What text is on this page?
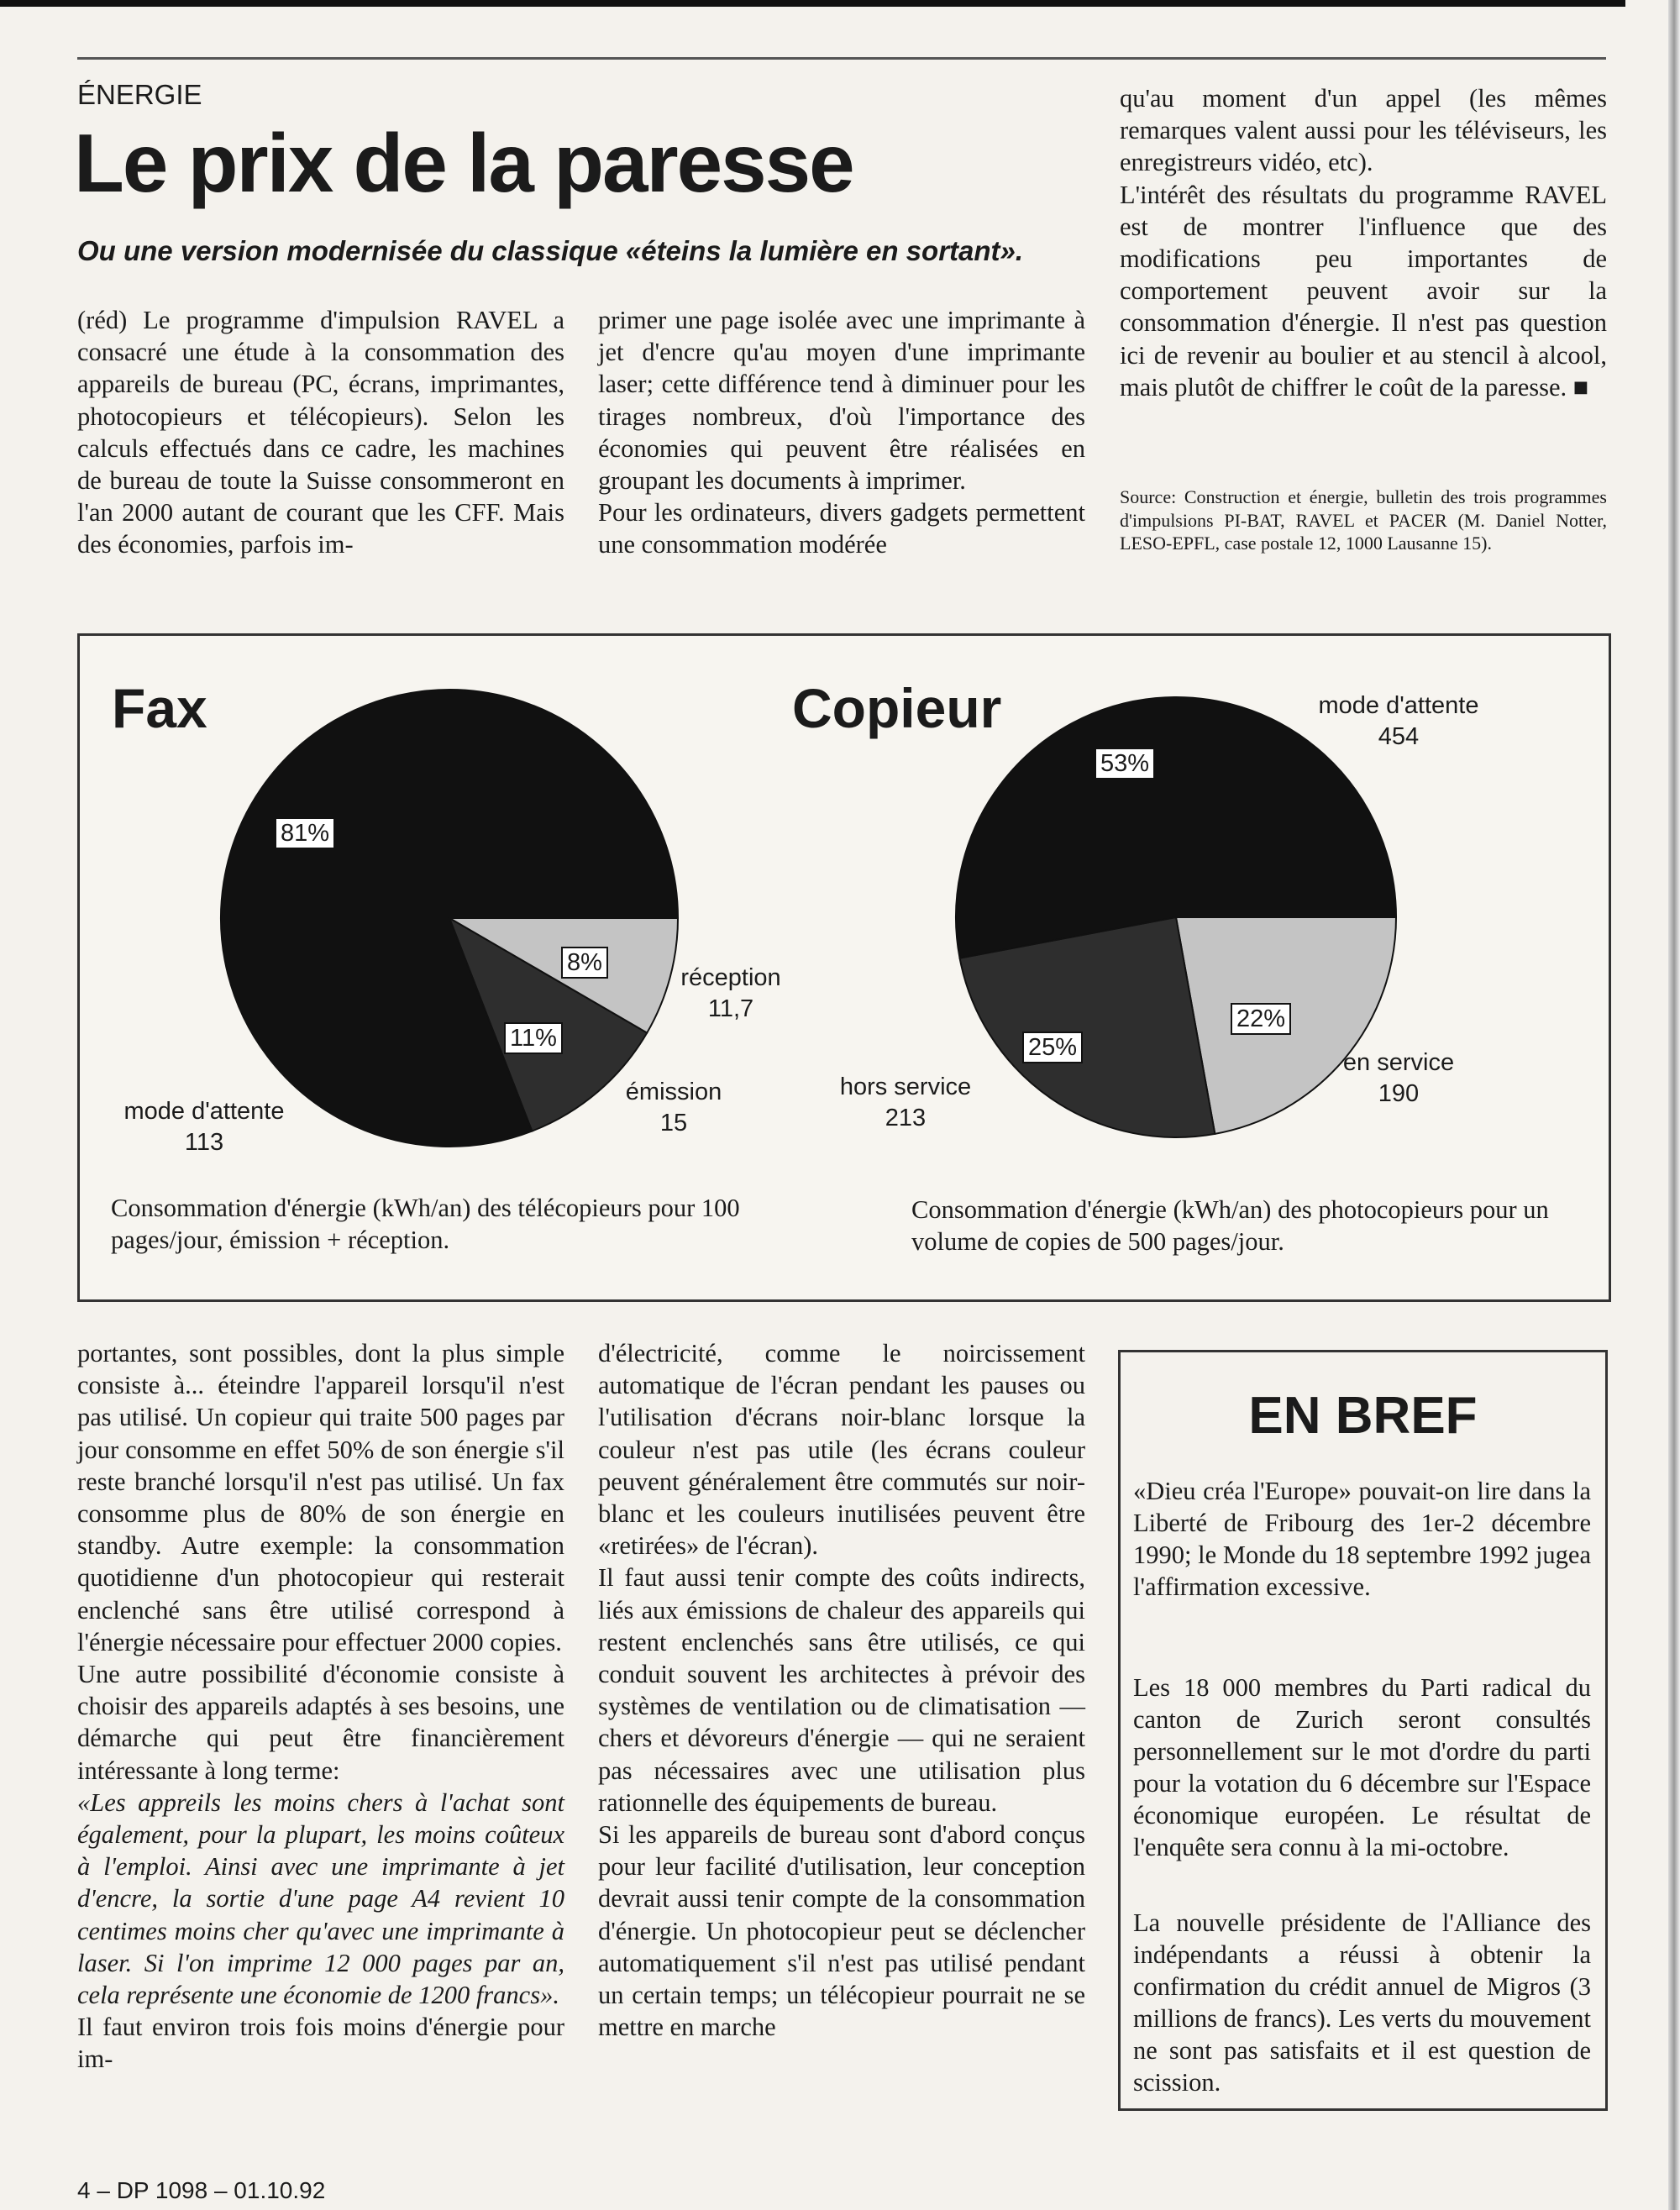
ÉNERGIE
Le prix de la paresse
Ou une version modernisée du classique «éteins la lumière en sortant».

(réd) Le programme d'impulsion RAVEL a consacré une étude à la consommation des appareils de bureau (PC, écrans, imprimantes, photocopieurs et télécopieurs). Selon les calculs effectués dans ce cadre, les machines de bureau de toute la Suisse consommeront en l'an 2000 autant de courant que les CFF. Mais des économies, parfois im-

primer une page isolée avec une imprimante à jet d'encre qu'au moyen d'une imprimante laser; cette différence tend à diminuer pour les tirages nombreux, d'où l'importance des économies qui peuvent être réalisées en groupant les documents à imprimer.

Pour les ordinateurs, divers gadgets permettent une consommation modérée

qu'au moment d'un appel (les mêmes remarques valent aussi pour les téléviseurs, les enregistreurs vidéo, etc).

L'intérêt des résultats du programme RAVEL est de montrer l'influence que des modifications peu importantes de comportement peuvent avoir sur la consommation d'énergie. Il n'est pas question ici de revenir au boulier et au stencil à alcool, mais plutôt de chiffrer le coût de la paresse. ■

Source: Construction et énergie, bulletin des trois programmes d'impulsions PI-BAT, RAVEL et PACER (M. Daniel Notter, LESO-EPFL, case postale 12, 1000 Lausanne 15).
Fax	Copieur
81%
11%
8%
mode d'attente
113
émission
15
réception
11,7
53%
22%
25%
mode d'attente
454
en service
190
hors service
213
Consommation d'énergie (kWh/an) des télécopieurs pour 100 pages/jour, émission + réception.
Consommation d'énergie (kWh/an) des photocopieurs pour un volume de copies de 500 pages/jour.

portantes, sont possibles, dont la plus simple consiste à... éteindre l'appareil lorsqu'il n'est pas utilisé. Un copieur qui traite 500 pages par jour consomme en effet 50% de son énergie s'il reste branché lorsqu'il n'est pas utilisé. Un fax consomme plus de 80% de son énergie en standby. Autre exemple: la consommation quotidienne d'un photocopieur qui resterait enclenché sans être utilisé correspond à l'énergie nécessaire pour effectuer 2000 copies.

Une autre possibilité d'économie consiste à choisir des appareils adaptés à ses besoins, une démarche qui peut être financièrement intéressante à long terme:

«Les appreils les moins chers à l'achat sont également, pour la plupart, les moins coûteux à l'emploi. Ainsi avec une imprimante à jet d'encre, la sortie d'une page A4 revient 10 centimes moins cher qu'avec une imprimante à laser. Si l'on imprime 12 000 pages par an, cela représente une économie de 1200 francs».

Il faut environ trois fois moins d'énergie pour im-

d'électricité, comme le noircissement automatique de l'écran pendant les pauses ou l'utilisation d'écrans noir-blanc lorsque la couleur n'est pas utile (les écrans couleur peuvent généralement être commutés sur noir-blanc et les couleurs inutilisées peuvent être «retirées» de l'écran).

Il faut aussi tenir compte des coûts indirects, liés aux émissions de chaleur des appareils qui restent enclenchés sans être utilisés, ce qui conduit souvent les architectes à prévoir des systèmes de ventilation ou de climatisation — chers et dévoreurs d'énergie — qui ne seraient pas nécessaires avec une utilisation plus rationnelle des équipements de bureau.

Si les appareils de bureau sont d'abord conçus pour leur facilité d'utilisation, leur conception devrait aussi tenir compte de la consommation d'énergie. Un photocopieur peut se déclencher automatiquement s'il n'est pas utilisé pendant un certain temps; un télécopieur pourrait ne se mettre en marche

EN BREF

«Dieu créa l'Europe» pouvait-on lire dans la Liberté de Fribourg des 1er-2 décembre 1990; le Monde du 18 septembre 1992 jugea l'affirmation excessive.

Les 18 000 membres du Parti radical du canton de Zurich seront consultés personnellement sur le mot d'ordre du parti pour la votation du 6 décembre sur l'Espace économique européen. Le résultat de l'enquête sera connu à la mi-octobre.

La nouvelle présidente de l'Alliance des indépendants a réussi à obtenir la confirmation du crédit annuel de Migros (3 millions de francs). Les verts du mouvement ne sont pas satisfaits et il est question de scission.

4 – DP 1098 – 01.10.92
